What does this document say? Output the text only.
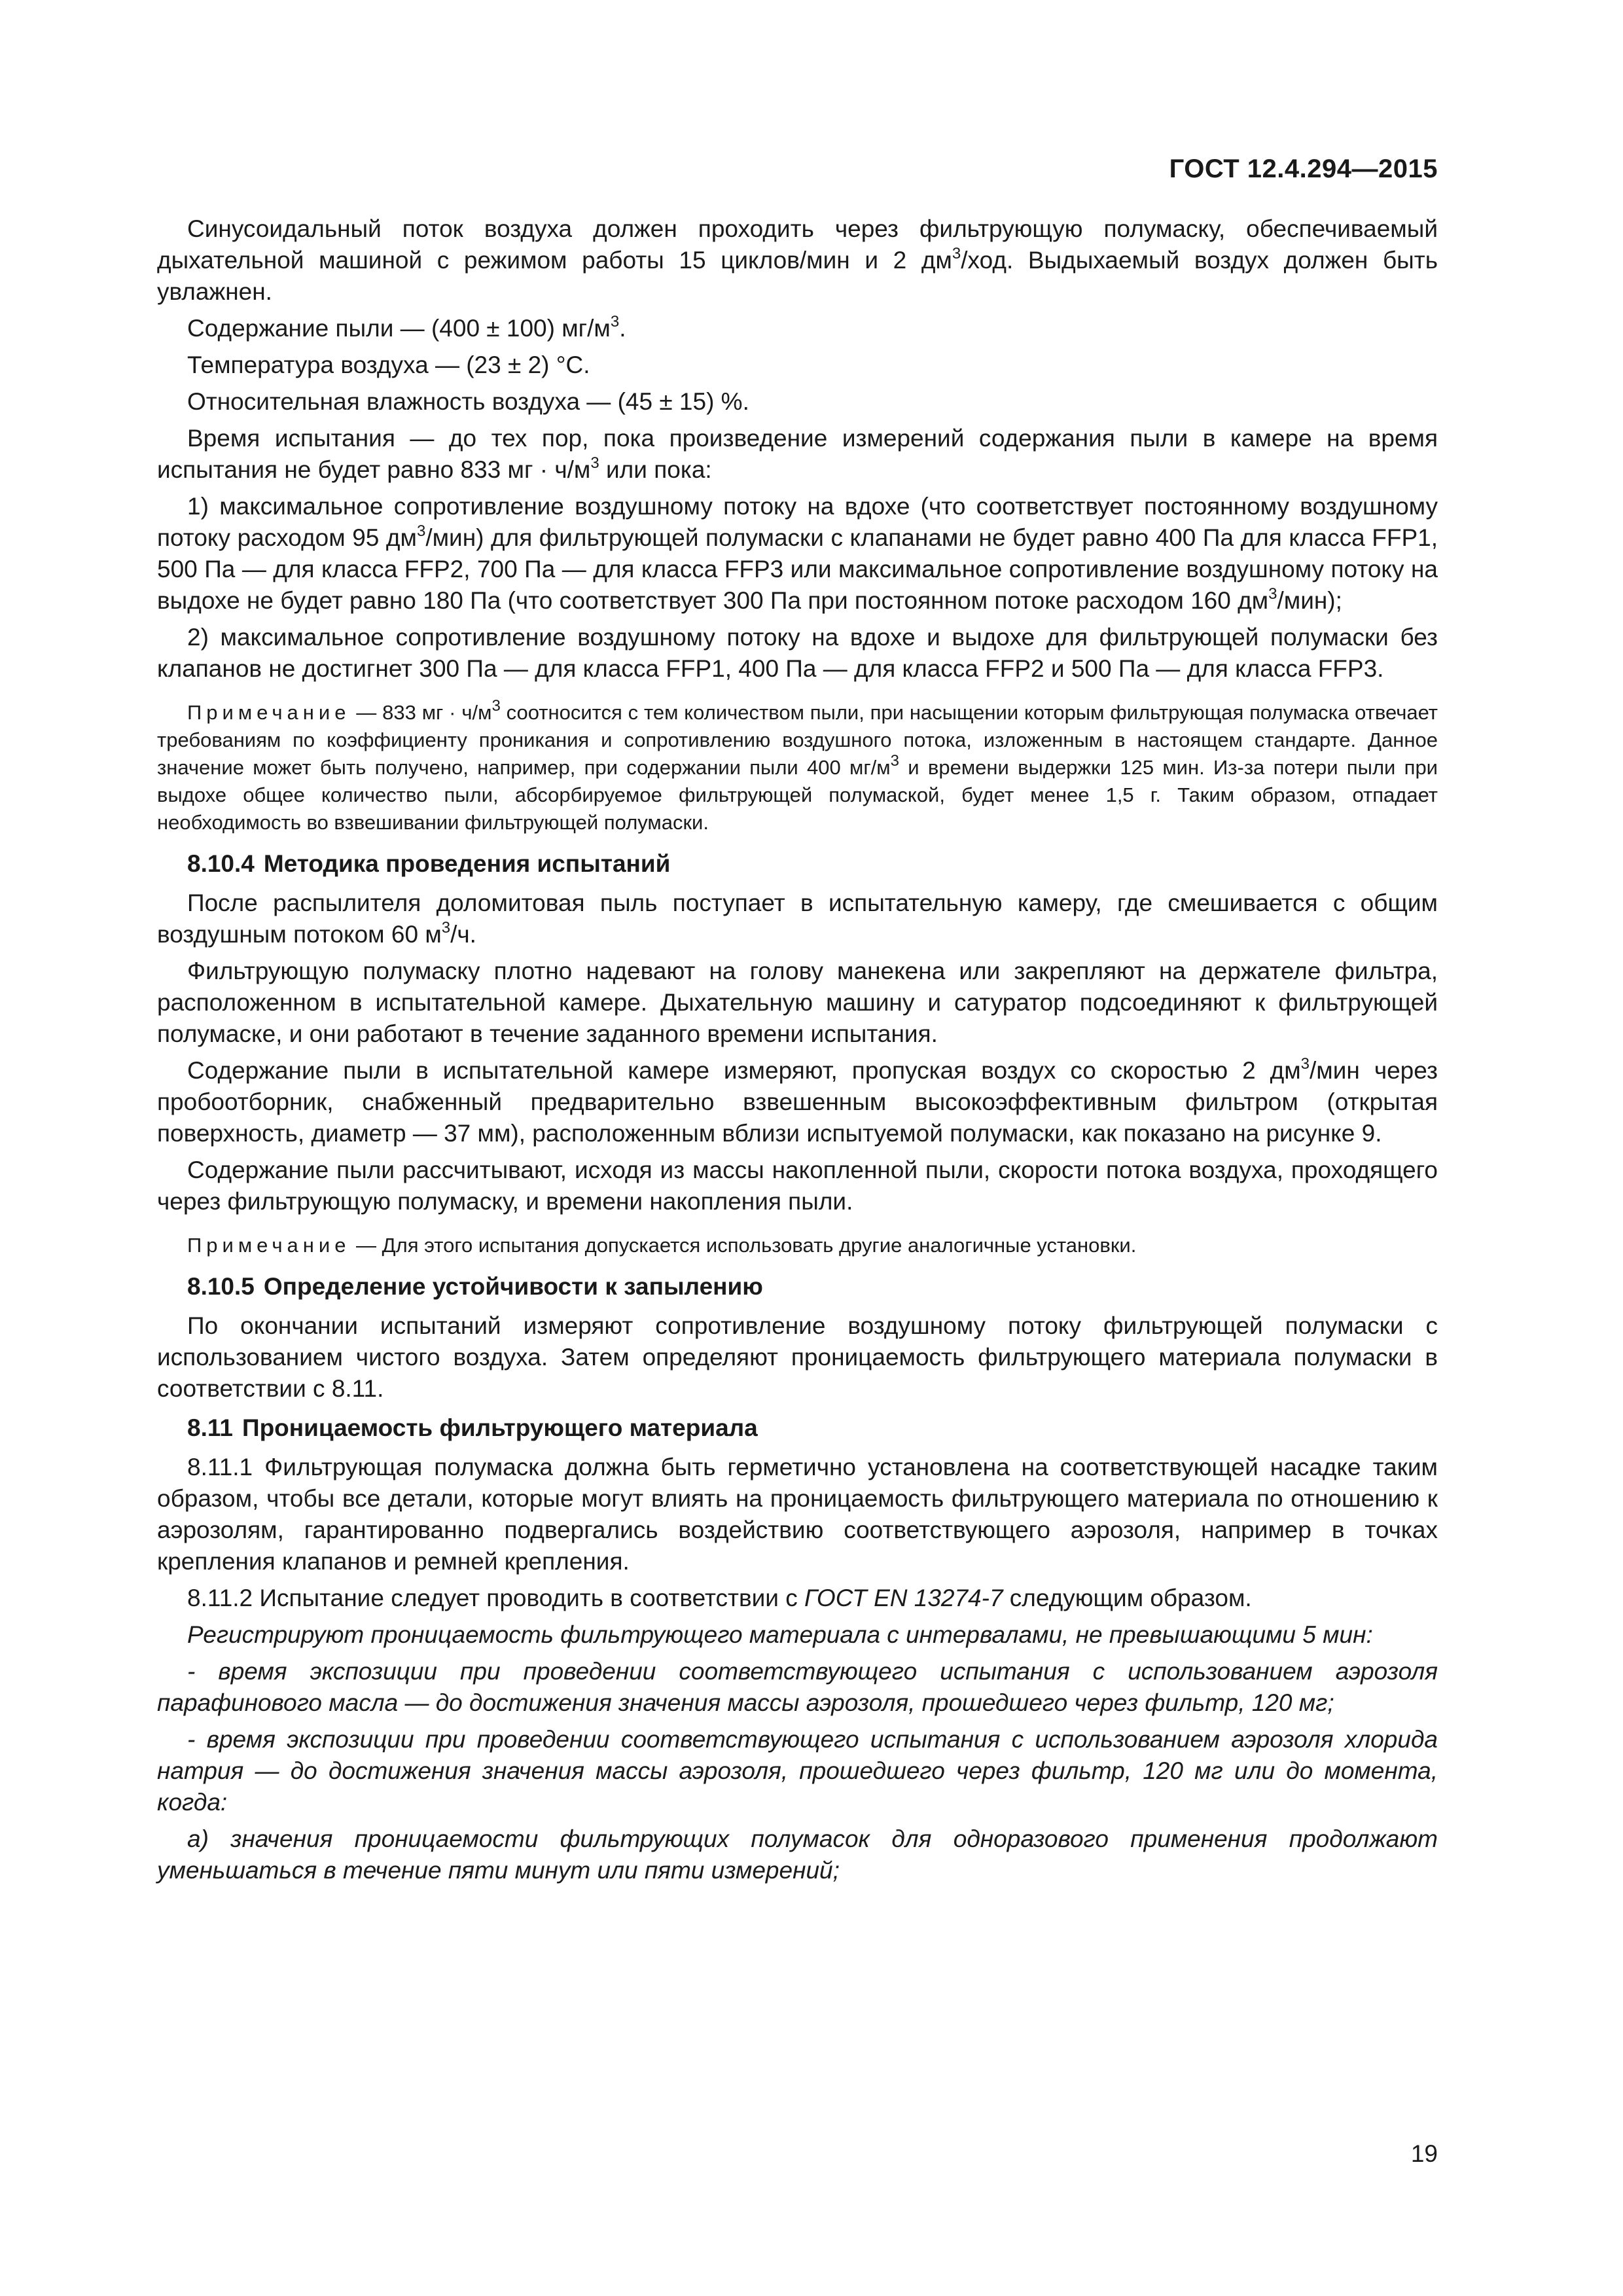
ГОСТ 12.4.294—2015

Синусоидальный поток воздуха должен проходить через фильтрующую полумаску, обеспечиваемый дыхательной машиной с режимом работы 15 циклов/мин и 2 $дм^3$/ход. Выдыхаемый воздух должен быть увлажнен.

Содержание пыли — (400 ± 100) $мг/м^3$.

Температура воздуха — (23 ± 2) °С.

Относительная влажность воздуха — (45 ± 15) %.

Время испытания — до тех пор, пока произведение измерений содержания пыли в камере на время испытания не будет равно 833 мг · $ч/м^3$ или пока:

1) максимальное сопротивление воздушному потоку на вдохе (что соответствует постоянному воздушному потоку расходом 95 $дм^3/мин$) для фильтрующей полумаски с клапанами не будет равно 400 Па для класса FFP1, 500 Па — для класса FFP2, 700 Па — для класса FFP3 или максимальное сопротивление воздушному потоку на выдохе не будет равно 180 Па (что соответствует 300 Па при постоянном потоке расходом 160 $дм^3/мин$);

2) максимальное сопротивление воздушному потоку на вдохе и выдохе для фильтрующей полумаски без клапанов не достигнет 300 Па — для класса FFP1, 400 Па — для класса FFP2 и 500 Па — для класса FFP3.

Примечание — 833 мг · $ч/м^3$ соотносится с тем количеством пыли, при насыщении которым фильтрующая полумаска отвечает требованиям по коэффициенту проникания и сопротивлению воздушного потока, изложенным в настоящем стандарте. Данное значение может быть получено, например, при содержании пыли 400 $мг/м^3$ и времени выдержки 125 мин. Из-за потери пыли при выдохе общее количество пыли, абсорбируемое фильтрующей полумаской, будет менее 1,5 г. Таким образом, отпадает необходимость во взвешивании фильтрующей полумаски.

8.10.4 Методика проведения испытаний

После распылителя доломитовая пыль поступает в испытательную камеру, где смешивается с общим воздушным потоком 60 $м^3/ч$.

Фильтрующую полумаску плотно надевают на голову манекена или закрепляют на держателе фильтра, расположенном в испытательной камере. Дыхательную машину и сатуратор подсоединяют к фильтрующей полумаске, и они работают в течение заданного времени испытания.

Содержание пыли в испытательной камере измеряют, пропуская воздух со скоростью 2 $дм^3$/мин через пробоотборник, снабженный предварительно взвешенным высокоэффективным фильтром (открытая поверхность, диаметр — 37 мм), расположенным вблизи испытуемой полумаски, как показано на рисунке 9.

Содержание пыли рассчитывают, исходя из массы накопленной пыли, скорости потока воздуха, проходящего через фильтрующую полумаску, и времени накопления пыли.

Примечание — Для этого испытания допускается использовать другие аналогичные установки.

8.10.5 Определение устойчивости к запылению

По окончании испытаний измеряют сопротивление воздушному потоку фильтрующей полумаски с использованием чистого воздуха. Затем определяют проницаемость фильтрующего материала полумаски в соответствии с 8.11.

8.11 Проницаемость фильтрующего материала

8.11.1 Фильтрующая полумаска должна быть герметично установлена на соответствующей насадке таким образом, чтобы все детали, которые могут влиять на проницаемость фильтрующего материала по отношению к аэрозолям, гарантированно подвергались воздействию соответствующего аэрозоля, например в точках крепления клапанов и ремней крепления.

8.11.2 Испытание следует проводить в соответствии с ГОСТ EN 13274-7 следующим образом.

Регистрируют проницаемость фильтрующего материала с интервалами, не превышающими 5 мин:

- время экспозиции при проведении соответствующего испытания с использованием аэрозоля парафинового масла — до достижения значения массы аэрозоля, прошедшего через фильтр, 120 мг;

- время экспозиции при проведении соответствующего испытания с использованием аэрозоля хлорида натрия — до достижения значения массы аэрозоля, прошедшего через фильтр, 120 мг или до момента, когда:

а) значения проницаемости фильтрующих полумасок для одноразового применения продолжают уменьшаться в течение пяти минут или пяти измерений;

19
